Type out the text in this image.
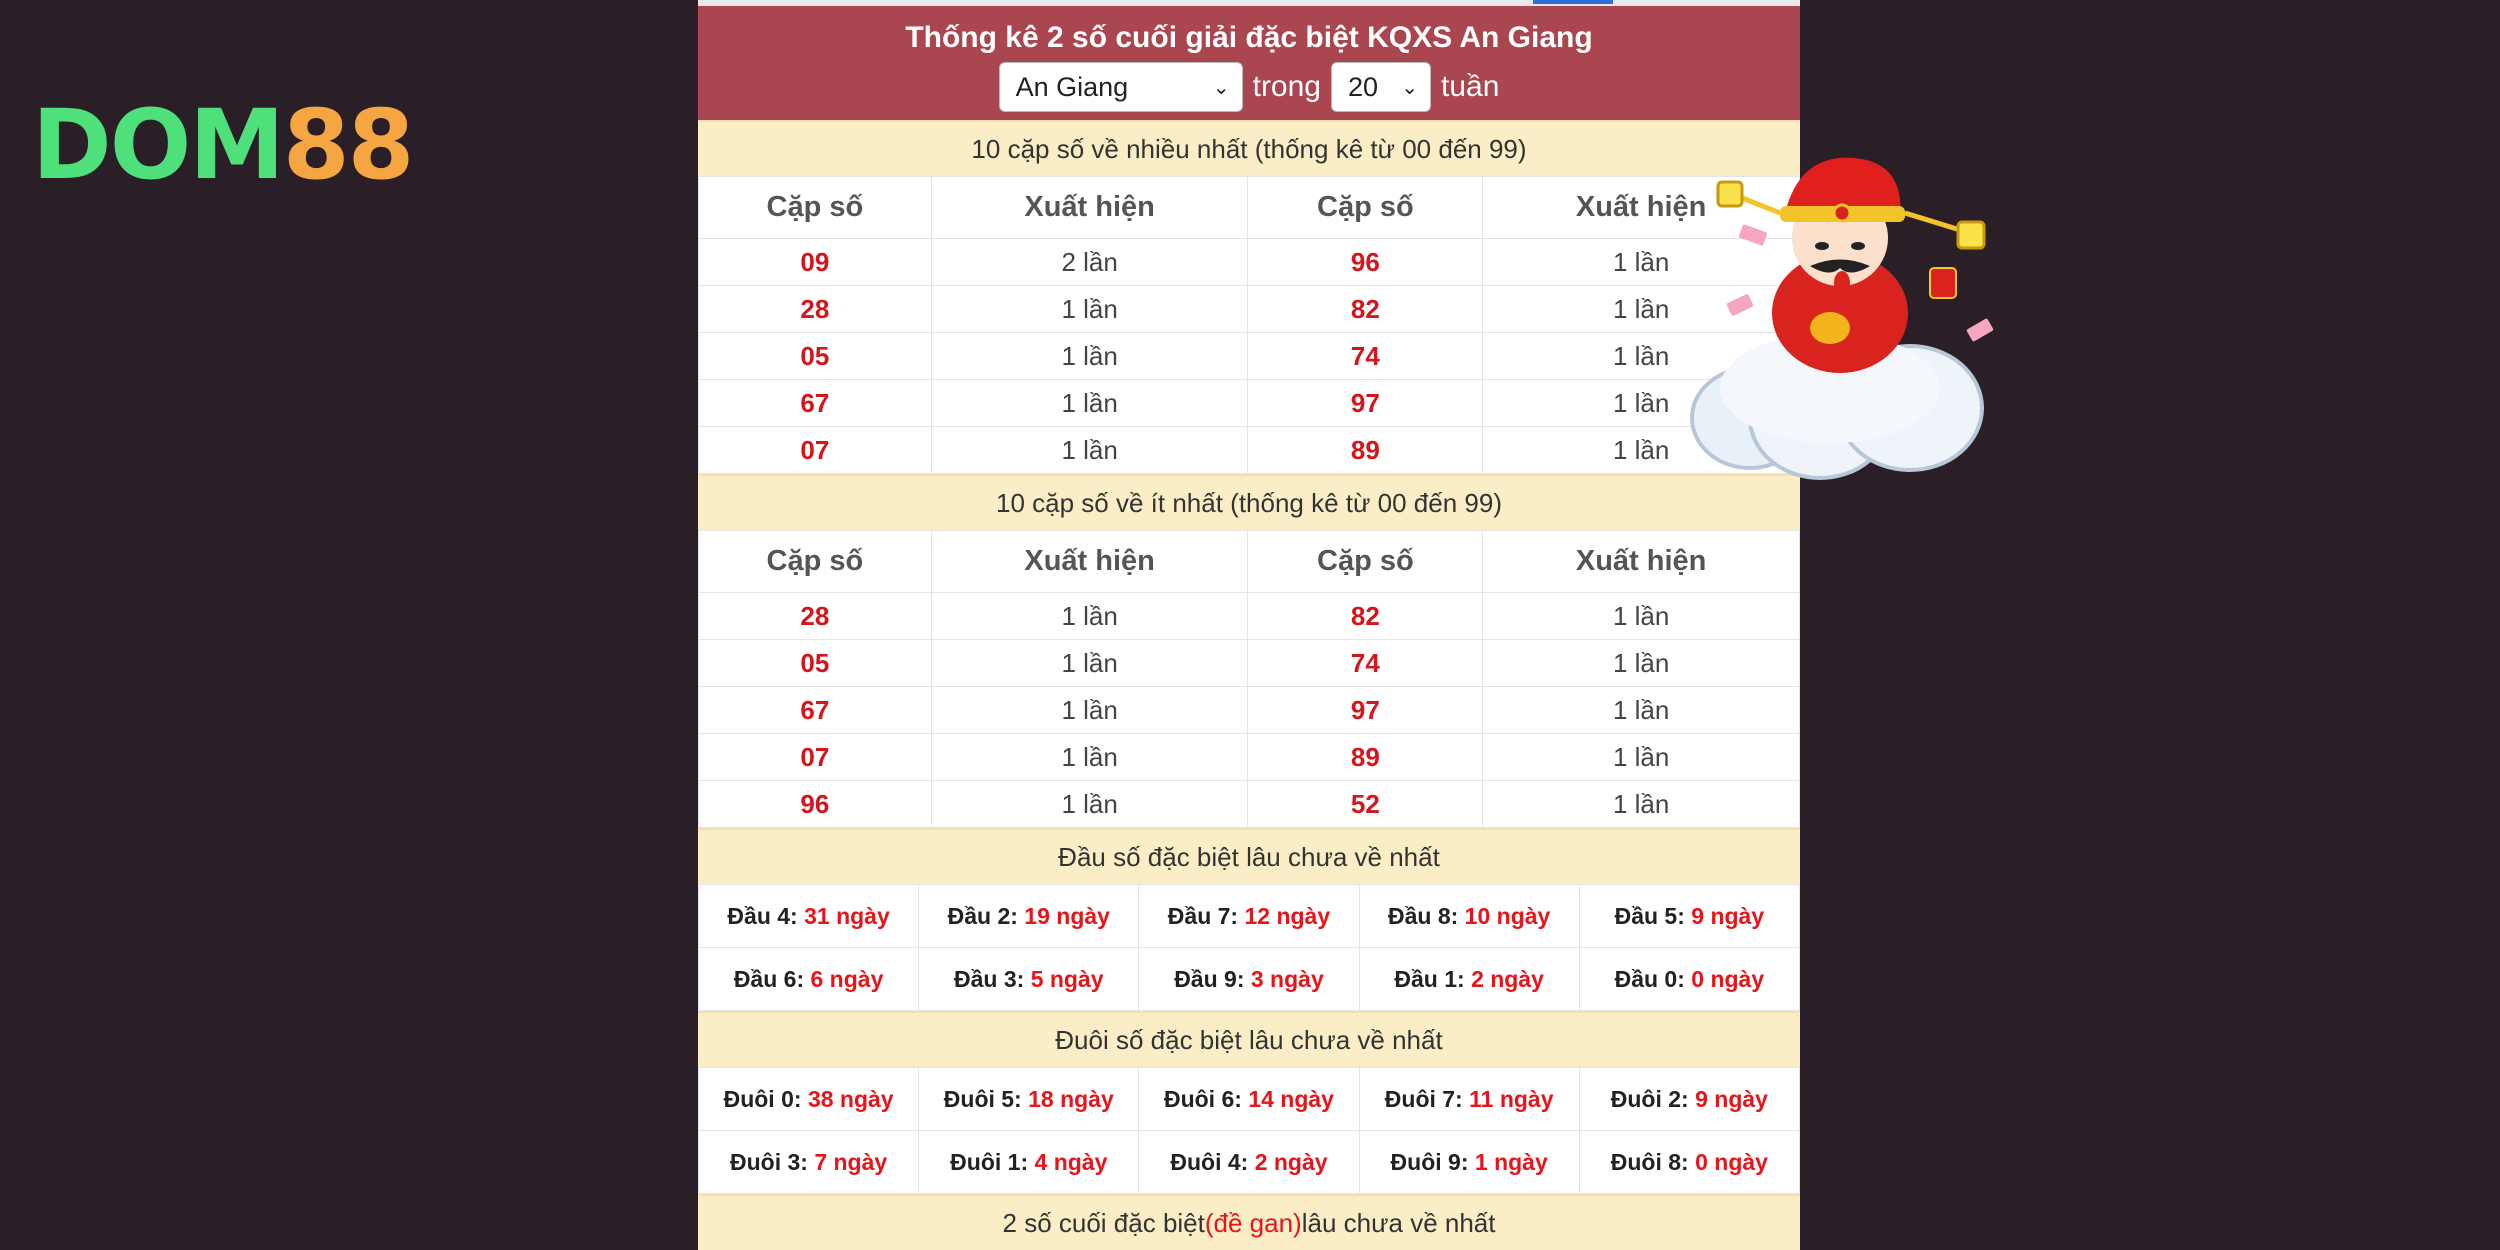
DOM 88
Thống kê 2 số cuối giải đặc biệt KQXS An Giang
An Giang	⌄ trong 20 ⌄ tuần
10 cặp số về nhiều nhất (thống kê từ 00 đến 99)
Cặp số	Xuất hiện	Cặp số	Xuất hiện
09	2 lần	96	1 lần
28	1 lần	82	1 lần
05	1 lần	74	1 lần
67	1 lần	97	1 lần
07	1 lần	89	1 lần
10 cặp số về ít nhất (thống kê từ 00 đến 99)
Cặp số	Xuất hiện	Cặp số	Xuất hiện
28	1 lần	82	1 lần
05	1 lần	74	1 lần
67	1 lần	97	1 lần
07	1 lần	89	1 lần
96	1 lần	52	1 lần
Đầu số đặc biệt lâu chưa về nhất
Đầu 4: 31 ngày	Đầu 2: 19 ngày	Đầu 7: 12 ngày	Đầu 8: 10 ngày	Đầu 5: 9 ngày
Đầu 6: 6 ngày	Đầu 3: 5 ngày	Đầu 9: 3 ngày	Đầu 1: 2 ngày	Đầu 0: 0 ngày
Đuôi số đặc biệt lâu chưa về nhất
Đuôi 0: 38 ngày	Đuôi 5: 18 ngày	Đuôi 6: 14 ngày	Đuôi 7: 11 ngày	Đuôi 2: 9 ngày
Đuôi 3: 7 ngày	Đuôi 1: 4 ngày	Đuôi 4: 2 ngày	Đuôi 9: 1 ngày	Đuôi 8: 0 ngày
2 số cuối đặc biệt (đề gan) lâu chưa về nhất
